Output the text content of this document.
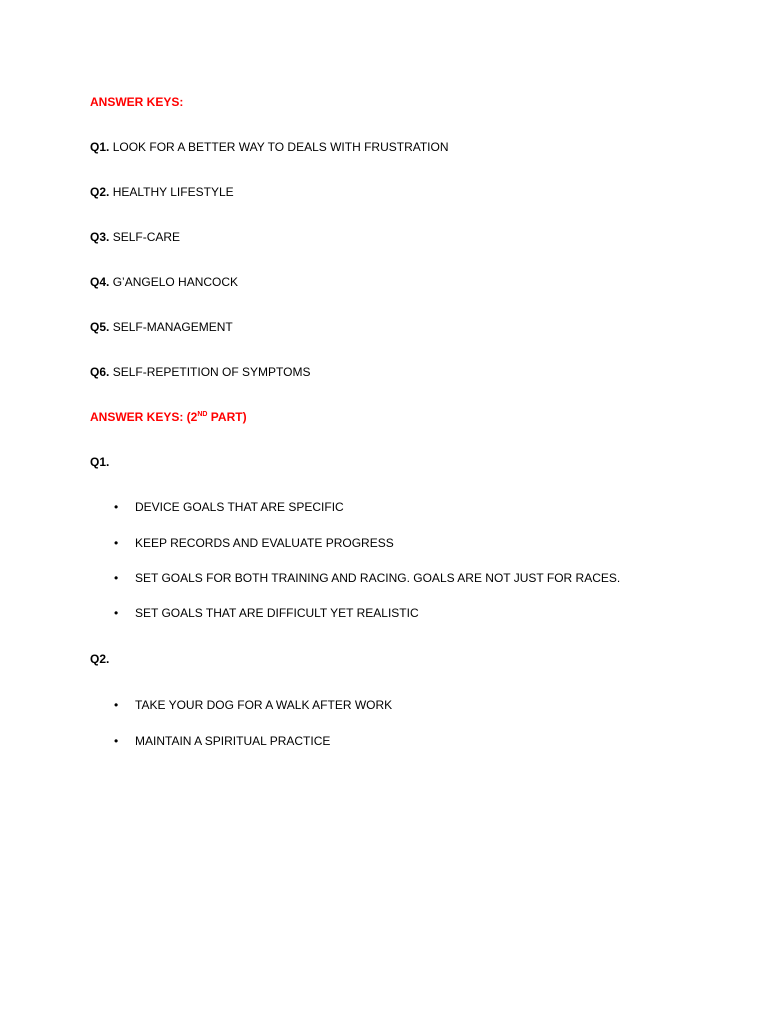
ANSWER KEYS:
Q1. LOOK FOR A BETTER WAY TO DEALS WITH FRUSTRATION
Q2. HEALTHY LIFESTYLE
Q3. SELF-CARE
Q4. G’ANGELO HANCOCK
Q5. SELF-MANAGEMENT
Q6. SELF-REPETITION OF SYMPTOMS
ANSWER KEYS: (2ND PART)
Q1.
• DEVICE GOALS THAT ARE SPECIFIC
• KEEP RECORDS AND EVALUATE PROGRESS
• SET GOALS FOR BOTH TRAINING AND RACING. GOALS ARE NOT JUST FOR RACES.
• SET GOALS THAT ARE DIFFICULT YET REALISTIC
Q2.
• TAKE YOUR DOG FOR A WALK AFTER WORK
• MAINTAIN A SPIRITUAL PRACTICE
